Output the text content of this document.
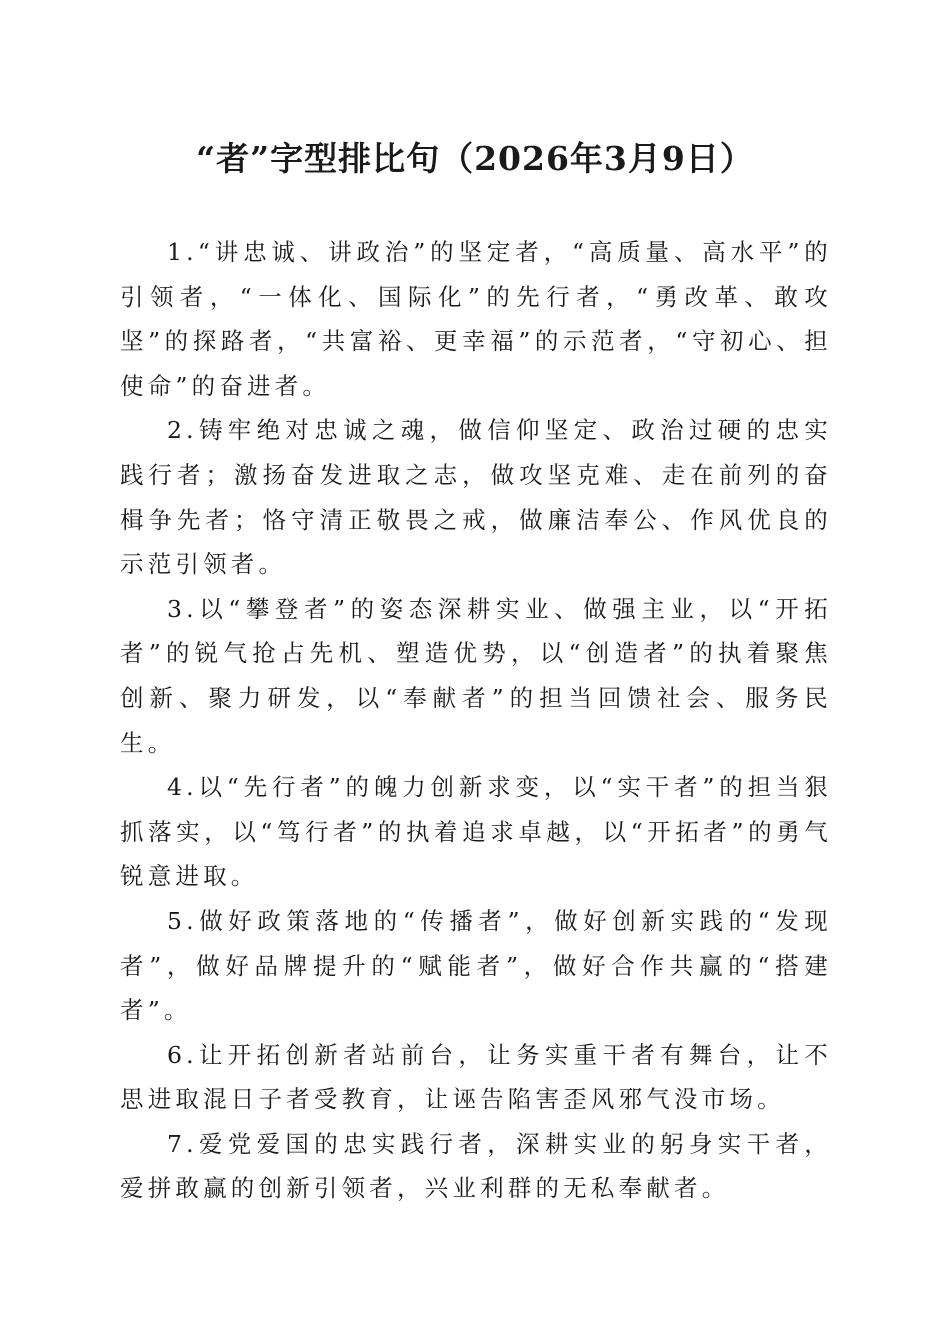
“者”字型排比句（2026年3月9日）

1.“讲忠诚、讲政治”的坚定者，“高质量、高水平”的引领者，“一体化、国际化”的先行者，“勇改革、敢攻坚”的探路者，“共富裕、更幸福”的示范者，“守初心、担使命”的奋进者。

2.铸牢绝对忠诚之魂，做信仰坚定、政治过硬的忠实践行者；激扬奋发进取之志，做攻坚克难、走在前列的奋楫争先者；恪守清正敬畏之戒，做廉洁奉公、作风优良的示范引领者。

3.以“攀登者”的姿态深耕实业、做强主业，以“开拓者”的锐气抢占先机、塑造优势，以“创造者”的执着聚焦创新、聚力研发，以“奉献者”的担当回馈社会、服务民生。

4.以“先行者”的魄力创新求变，以“实干者”的担当狠抓落实，以“笃行者”的执着追求卓越，以“开拓者”的勇气锐意进取。

5.做好政策落地的“传播者”，做好创新实践的“发现者”，做好品牌提升的“赋能者”，做好合作共赢的“搭建者”。

6.让开拓创新者站前台，让务实重干者有舞台，让不思进取混日子者受教育，让诬告陷害歪风邪气没市场。

7.爱党爱国的忠实践行者，深耕实业的躬身实干者，爱拼敢赢的创新引领者，兴业利群的无私奉献者。
